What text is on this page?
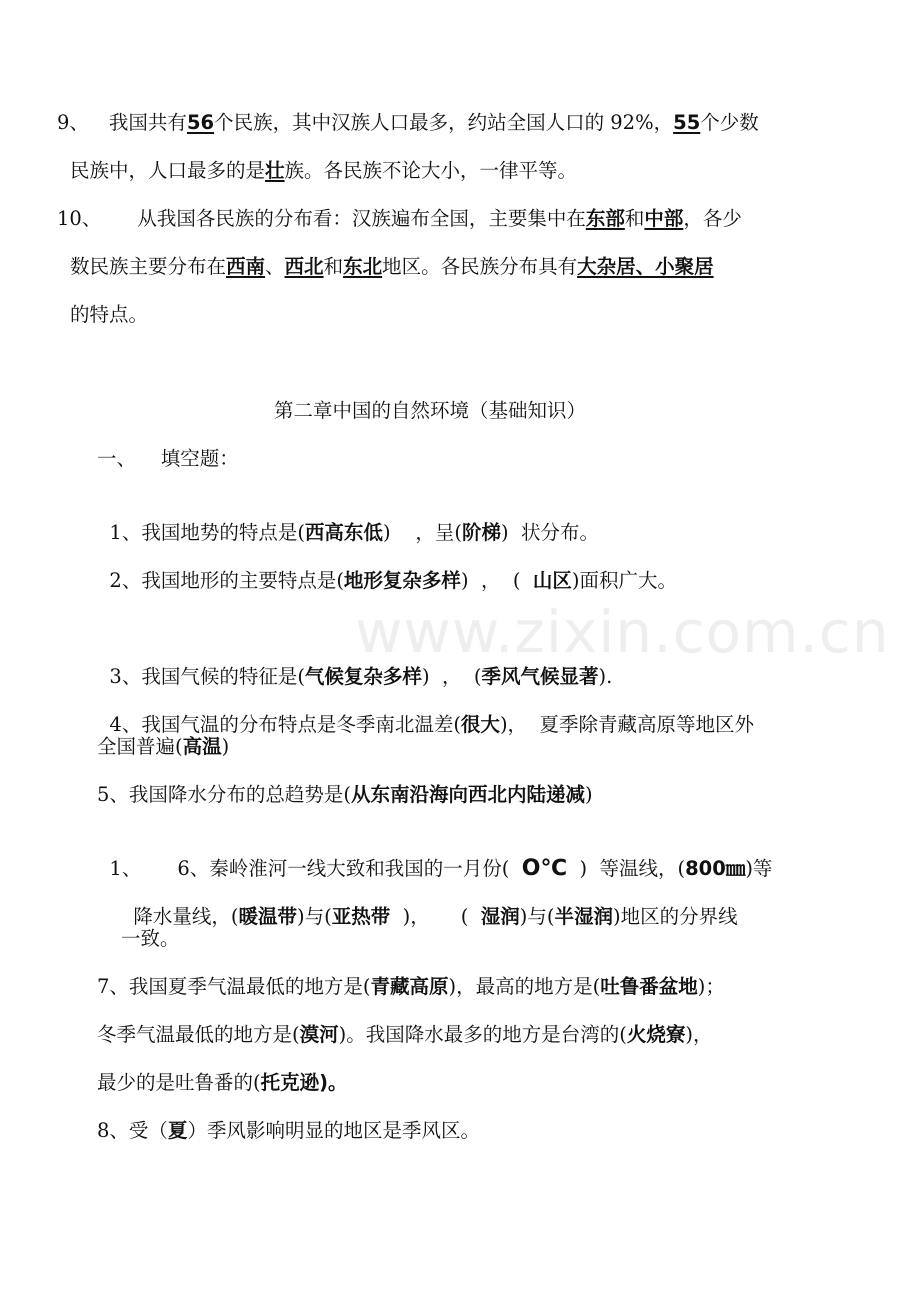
www.zixin.com.cn
9、 我国共有56个民族，其中汉族人口最多，约站全国人口的 92%，55个少数
民族中，人口最多的是壮族。各民族不论大小，一律平等。
10、 从我国各民族的分布看：汉族遍布全国，主要集中在东部和中部，各少
数民族主要分布在西南、西北和东北地区。各民族分布具有大杂居、小聚居
的特点。
第二章中国的自然环境（基础知识）
一、    填空题：

1、我国地势的特点是(西高东低)    ，呈(阶梯)  状分布。

2、我国地形的主要特点是(地形复杂多样)  ，  (  山区)面积广大。

3、我国气候的特征是(气候复杂多样)  ，  (季风气候显著).

4、我国气温的分布特点是冬季南北温差(很大)，  夏季除青藏高原等地区外

全国普遍(高温)
5、我国降水分布的总趋势是(从东南沿海向西北内陆递减)

1、 6、秦岭淮河一线大致和我国的一月份(  O℃  )  等温线，(800㎜)等

降水量线，(暖温带)与(亚热带  )，     (  湿润)与(半湿润)地区的分界线

一致。
7、我国夏季气温最低的地方是(青藏高原)，最高的地方是(吐鲁番盆地)；
冬季气温最低的地方是(漠河)。我国降水最多的地方是台湾的(火烧寮)，
最少的是吐鲁番的(托克逊)。
8、受（夏）季风影响明显的地区是季风区。
